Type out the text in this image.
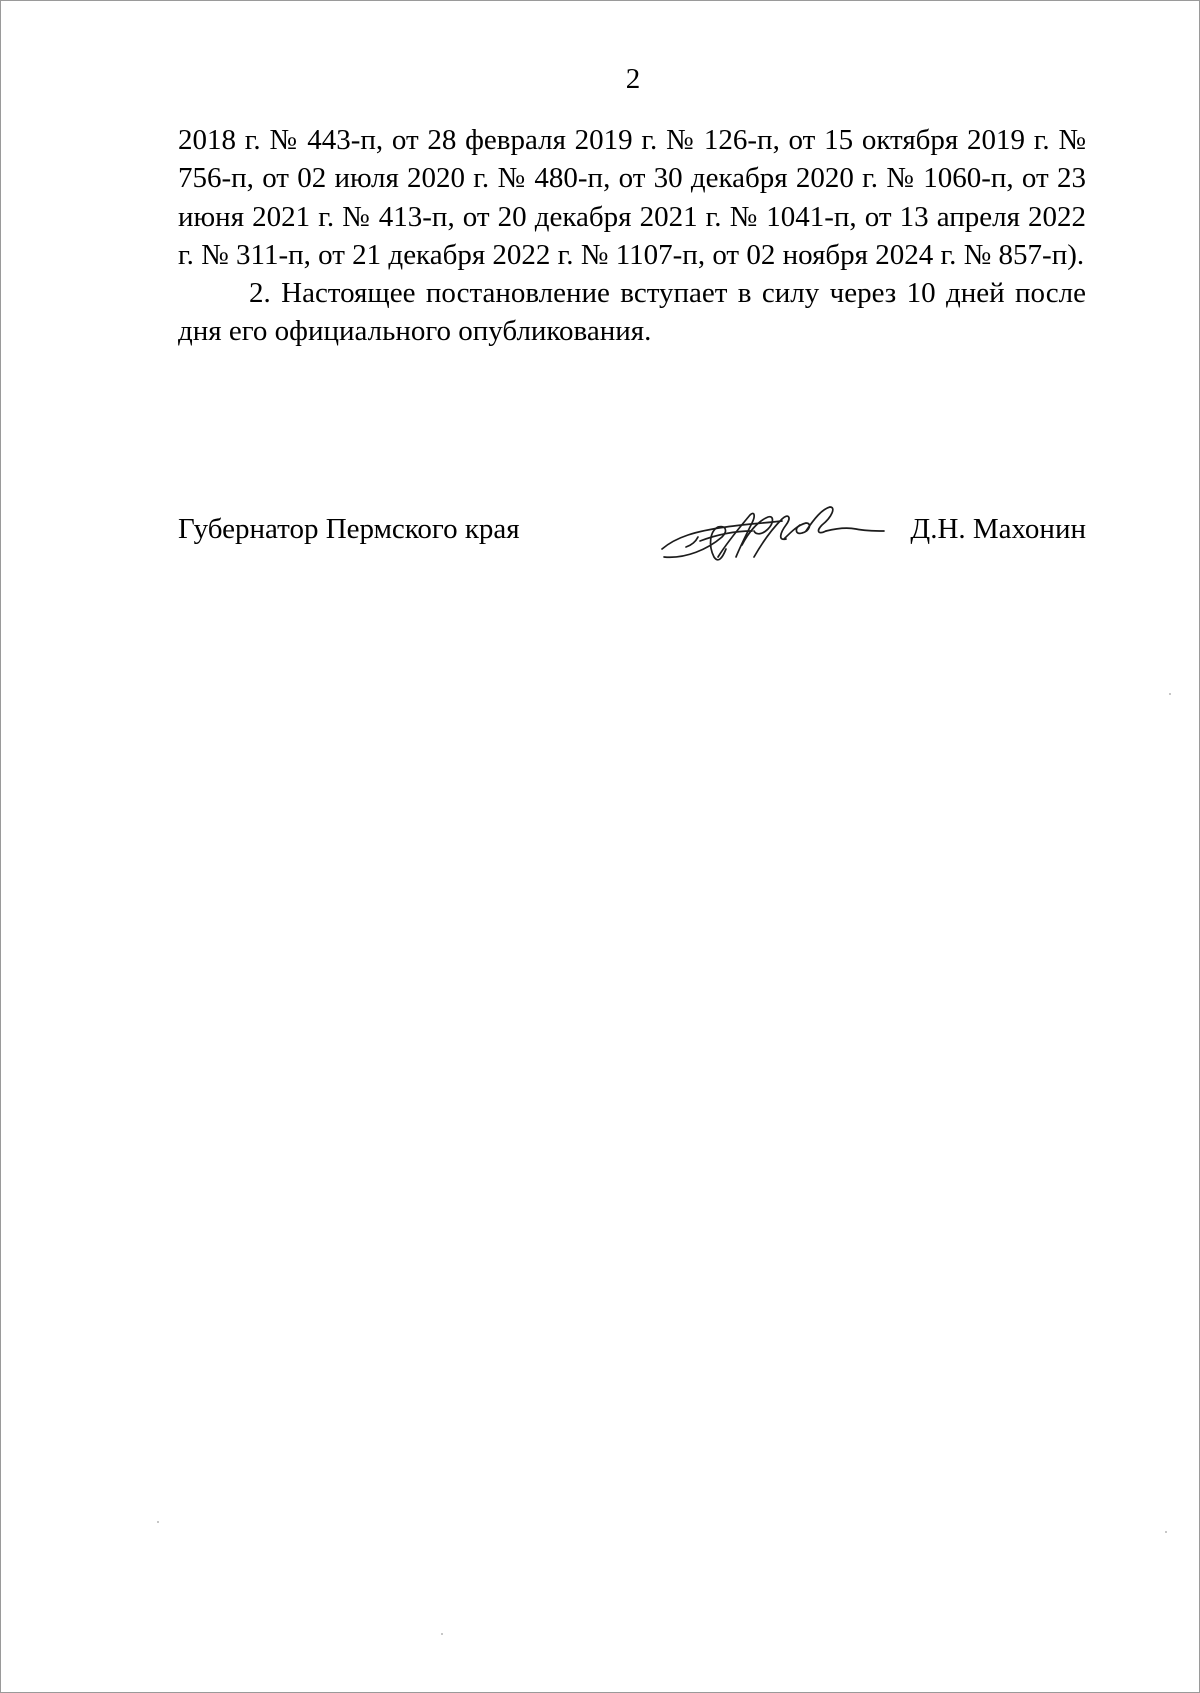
2

2018 г. № 443-п, от 28 февраля 2019 г. № 126-п, от 15 октября 2019 г. № 756-п, от 02 июля 2020 г. № 480-п, от 30 декабря 2020 г. № 1060-п, от 23 июня 2021 г. № 413-п, от 20 декабря 2021 г. № 1041-п, от 13 апреля 2022 г. № 311-п, от 21 декабря 2022 г. № 1107-п, от 02 ноября 2024 г. № 857-п).

2. Настоящее постановление вступает в силу через 10 дней после дня его официального опубликования.

Губернатор Пермского края	Д.Н. Махонин
